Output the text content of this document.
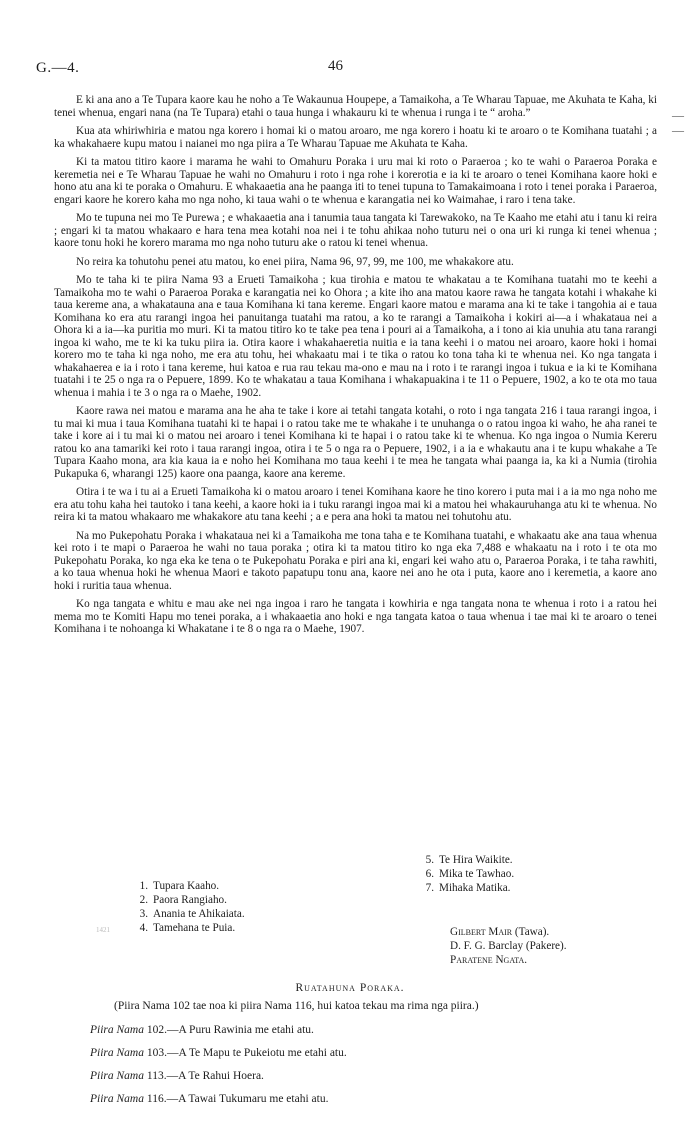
G.—4.	46
— —

E ki ana ano a Te Tupara kaore kau he noho a Te Wakaunua Houpepe, a Tamaikoha, a Te Wharau Tapuae, me Akuhata te Kaha, ki tenei whenua, engari nana (na Te Tupara) etahi o taua hunga i whakauru ki te whenua i runga i te “ aroha.”

Kua ata whiriwhiria e matou nga korero i homai ki o matou aroaro, me nga korero i hoatu ki te aroaro o te Komihana tuatahi ; a ka whakahaere kupu matou i naianei mo nga piira a Te Wharau Tapuae me Akuhata te Kaha.

Ki ta matou titiro kaore i marama he wahi to Omahuru Poraka i uru mai ki roto o Paraeroa ; ko te wahi o Paraeroa Poraka e keremetia nei e Te Wharau Tapuae he wahi no Omahuru i roto i nga rohe i korerotia e ia ki te aroaro o tenei Komihana kaore hoki e hono atu ana ki te poraka o Omahuru. E whakaaetia ana he paanga iti to tenei tupuna to Tamakaimoana i roto i tenei poraka i Paraeroa, engari kaore he korero kaha mo nga noho, ki taua wahi o te whenua e karangatia nei ko Waimahae, i raro i tena take.

Mo te tupuna nei mo Te Purewa ; e whakaaetia ana i tanumia taua tangata ki Tarewakoko, na Te Kaaho me etahi atu i tanu ki reira ; engari ki ta matou whakaaro e hara tena mea kotahi noa nei i te tohu ahikaa noho tuturu nei o ona uri ki runga ki tenei whenua ; kaore tonu hoki he korero marama mo nga noho tuturu ake o ratou ki tenei whenua.

No reira ka tohutohu penei atu matou, ko enei piira, Nama 96, 97, 99, me 100, me whakakore atu.

Mo te taha ki te piira Nama 93 a Erueti Tamaikoha ; kua tirohia e matou te whakatau a te Komihana tuatahi mo te keehi a Tamaikoha mo te wahi o Paraeroa Poraka e karangatia nei ko Ohora ; a kite iho ana matou kaore rawa he tangata kotahi i whakahe ki taua kereme ana, a whakatauna ana e taua Komihana ki tana kereme. Engari kaore matou e marama ana ki te take i tangohia ai e taua Komihana ko era atu rarangi ingoa hei panuitanga tuatahi ma ratou, a ko te rarangi a Tamaikoha i kokiri ai—a i whakataua nei a Ohora ki a ia—ka puritia mo muri. Ki ta matou titiro ko te take pea tena i pouri ai a Tamaikoha, a i tono ai kia unuhia atu tana rarangi ingoa ki waho, me te ki ka tuku piira ia. Otira kaore i whakahaeretia nuitia e ia tana keehi i o matou nei aroaro, kaore hoki i homai korero mo te taha ki nga noho, me era atu tohu, hei whakaatu mai i te tika o ratou ko tona taha ki te whenua nei. Ko nga tangata i whakahaerea e ia i roto i tana kereme, hui katoa e rua rau tekau ma-ono e mau na i roto i te rarangi ingoa i tukua e ia ki te Komihana tuatahi i te 25 o nga ra o Pepuere, 1899. Ko te whakatau a taua Komihana i whakapuakina i te 11 o Pepuere, 1902, a ko te ota mo taua whenua i mahia i te 3 o nga ra o Maehe, 1902.

Kaore rawa nei matou e marama ana he aha te take i kore ai tetahi tangata kotahi, o roto i nga tangata 216 i taua rarangi ingoa, i tu mai ki mua i taua Komihana tuatahi ki te hapai i o ratou take me te whakahe i te unuhanga o o ratou ingoa ki waho, he aha ranei te take i kore ai i tu mai ki o matou nei aroaro i tenei Komihana ki te hapai i o ratou take ki te whenua. Ko nga ingoa o Numia Kereru ratou ko ana tamariki kei roto i taua rarangi ingoa, otira i te 5 o nga ra o Pepuere, 1902, i a ia e whakautu ana i te kupu whakahe a Te Tupara Kaaho mona, ara kia kaua ia e noho hei Komihana mo taua keehi i te mea he tangata whai paanga ia, ka ki a Numia (tirohia Pukapuka 6, wharangi 125) kaore ona paanga, kaore ana kereme.

Otira i te wa i tu ai a Erueti Tamaikoha ki o matou aroaro i tenei Komihana kaore he tino korero i puta mai i a ia mo nga noho me era atu tohu kaha hei tautoko i tana keehi, a kaore hoki ia i tuku rarangi ingoa mai ki a matou hei whakauruhanga atu ki te whenua. No reira ki ta matou whakaaro me whakakore atu tana keehi ; a e pera ana hoki ta matou nei tohutohu atu.

Na mo Pukepohatu Poraka i whakataua nei ki a Tamaikoha me tona taha e te Komihana tuatahi, e whakaatu ake ana taua whenua kei roto i te mapi o Paraeroa he wahi no taua poraka ; otira ki ta matou titiro ko nga eka 7,488 e whakaatu na i roto i te ota mo Pukepohatu Poraka, ko nga eka ke tena o te Pukepohatu Poraka e piri ana ki, engari kei waho atu o, Paraeroa Poraka, i te taha rawhiti, a ko taua whenua hoki he whenua Maori e takoto papatupu tonu ana, kaore nei ano he ota i puta, kaore ano i keremetia, a kaore ano hoki i ruritia taua whenua.

Ko nga tangata e whitu e mau ake nei nga ingoa i raro he tangata i kowhiria e nga tangata nona te whenua i roto i a ratou hei mema mo te Komiti Hapu mo tenei poraka, a i whakaaetia ano hoki e nga tangata katoa o taua whenua i tae mai ki te aroaro o tenei Komihana i te nohoanga ki Whakatane i te 8 o nga ra o Maehe, 1907.

1. Tupara Kaaho.
2. Paora Rangiaho.
3. Anania te Ahikaiata.
4. Tamehana te Puia.
5. Te Hira Waikite.
6. Mika te Tawhao.
7. Mihaka Matika.
1421	Gilbert Mair (Tawa).
D. F. G. Barclay (Pakere).
Paratene Ngata.
Ruatahuna Poraka.
(Piira Nama 102 tae noa ki piira Nama 116, hui katoa tekau ma rima nga piira.)
Piira Nama 102.—A Puru Rawinia me etahi atu.
Piira Nama 103.—A Te Mapu te Pukeiotu me etahi atu.
Piira Nama 113.—A Te Rahui Hoera.
Piira Nama 116.—A Tawai Tukumaru me etahi atu.
